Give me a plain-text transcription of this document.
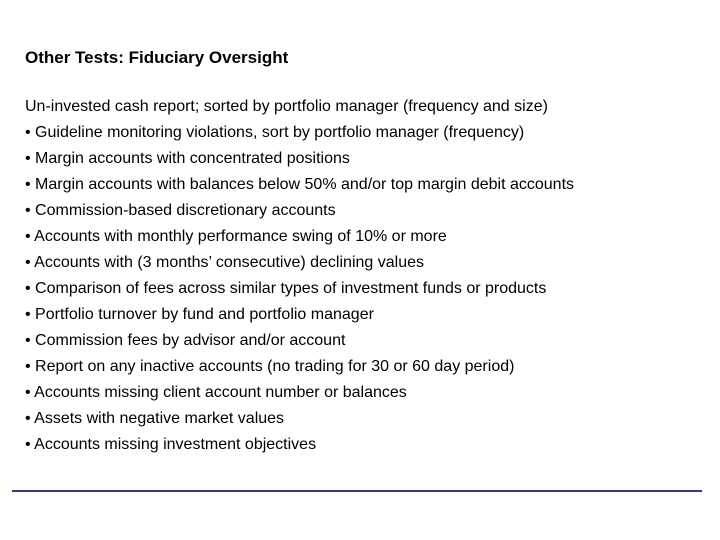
Other Tests: Fiduciary Oversight
Un-invested cash report; sorted by portfolio manager (frequency and size)
• Guideline monitoring violations, sort by portfolio manager (frequency)
• Margin accounts with concentrated positions
• Margin accounts with balances below 50% and/or top margin debit accounts
• Commission-based discretionary accounts
• Accounts with monthly performance swing of 10% or more
• Accounts with (3 months’ consecutive) declining values
• Comparison of fees across similar types of investment funds or products
• Portfolio turnover by fund and portfolio manager
• Commission fees by advisor and/or account
• Report on any inactive accounts (no trading for 30 or 60 day period)
• Accounts missing client account number or balances
• Assets with negative market values
• Accounts missing investment objectives
